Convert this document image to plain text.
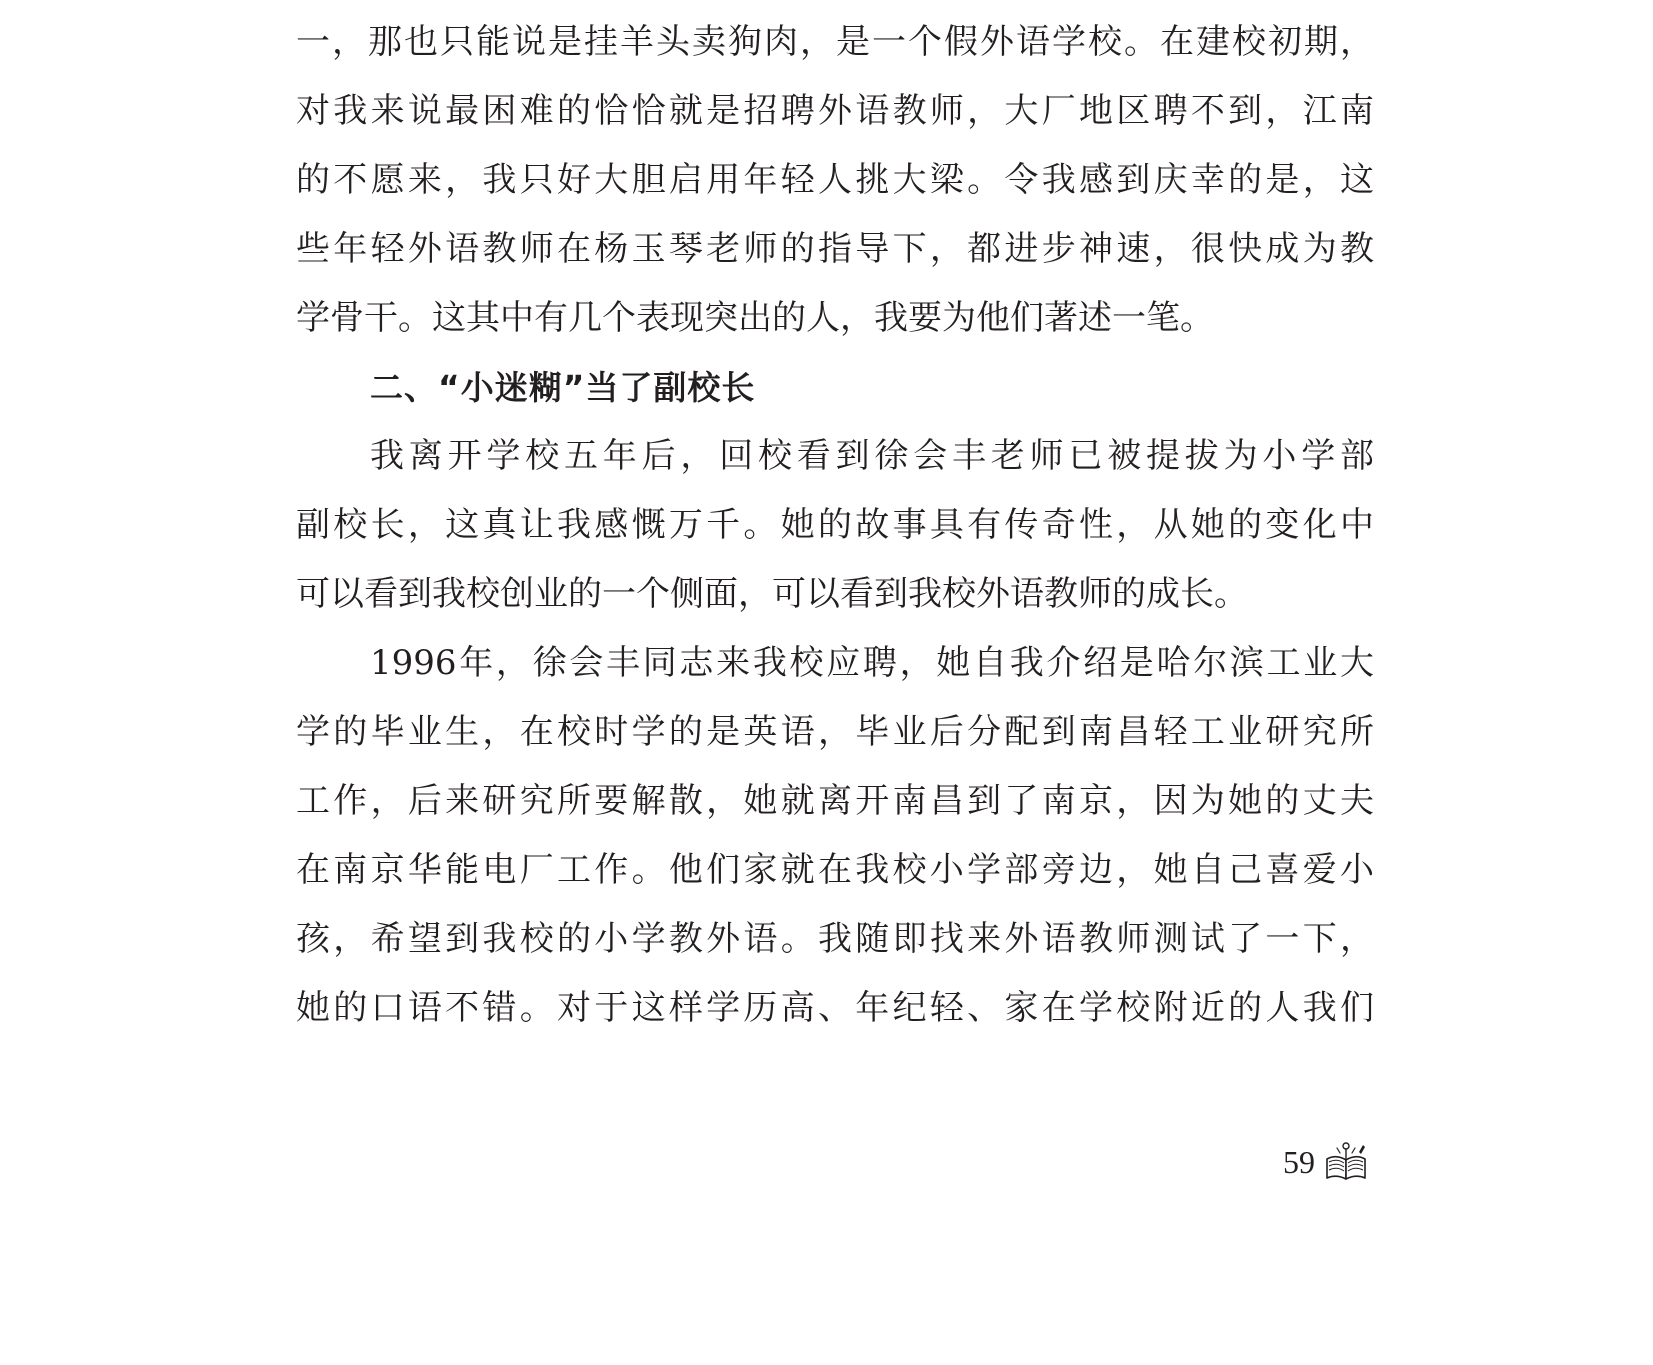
一，那也只能说是挂羊头卖狗肉，是一个假外语学校。在建校初期，
对我来说最困难的恰恰就是招聘外语教师，大厂地区聘不到，江南
的不愿来，我只好大胆启用年轻人挑大梁。令我感到庆幸的是，这
些年轻外语教师在杨玉琴老师的指导下，都进步神速，很快成为教
学骨干。这其中有几个表现突出的人，我要为他们著述一笔。
二、“小迷糊”当了副校长
我离开学校五年后，回校看到徐会丰老师已被提拔为小学部
副校长，这真让我感慨万千。她的故事具有传奇性，从她的变化中
可以看到我校创业的一个侧面，可以看到我校外语教师的成长。
1996年，徐会丰同志来我校应聘，她自我介绍是哈尔滨工业大
学的毕业生，在校时学的是英语，毕业后分配到南昌轻工业研究所
工作，后来研究所要解散，她就离开南昌到了南京，因为她的丈夫
在南京华能电厂工作。他们家就在我校小学部旁边，她自己喜爱小
孩，希望到我校的小学教外语。我随即找来外语教师测试了一下，
她的口语不错。对于这样学历高、年纪轻、家在学校附近的人我们
59
